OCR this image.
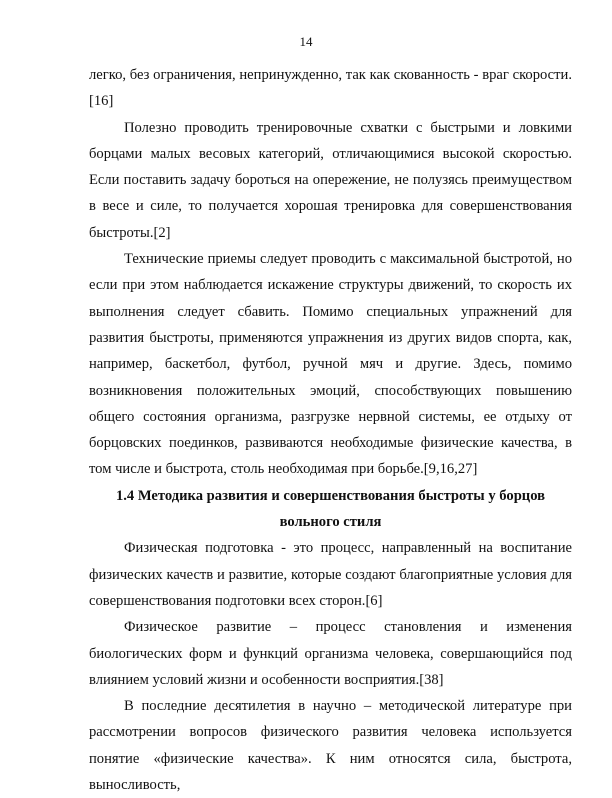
14

легко, без ограничения, непринужденно, так как скованность - враг скорости. [16]

Полезно проводить тренировочные схватки с быстрыми и ловкими борцами малых весовых категорий, отличающимися высокой скоростью. Если поставить задачу бороться на опережение, не полузясь преимуществом в весе и силе, то получается хорошая тренировка для совершенствования быстроты.[2]

Технические приемы следует проводить с максимальной быстротой, но если при этом наблюдается искажение структуры движений, то скорость их выполнения следует сбавить. Помимо специальных упражнений для развития быстроты, применяются упражнения из других видов спорта, как, например, баскетбол, футбол, ручной мяч и другие. Здесь, помимо возникновения положительных эмоций, способствующих повышению общего состояния организма, разгрузке нервной системы, ее отдыху от борцовских поединков, развиваются необходимые физические качества, в том числе и быстрота, столь необходимая при борьбе.[9,16,27]

1.4 Методика развития и совершенствования быстроты у борцов вольного стиля

Физическая подготовка - это процесс, направленный на воспитание физических качеств и развитие, которые создают благоприятные условия для совершенствования подготовки всех сторон.[6]

Физическое развитие – процесс становления и изменения биологических форм и функций организма человека, совершающийся под влиянием условий жизни и особенности восприятия.[38]

В последние десятилетия в научно – методической литературе при рассмотрении вопросов физического развития человека используется понятие «физические качества». К ним относятся сила, быстрота, выносливость,
